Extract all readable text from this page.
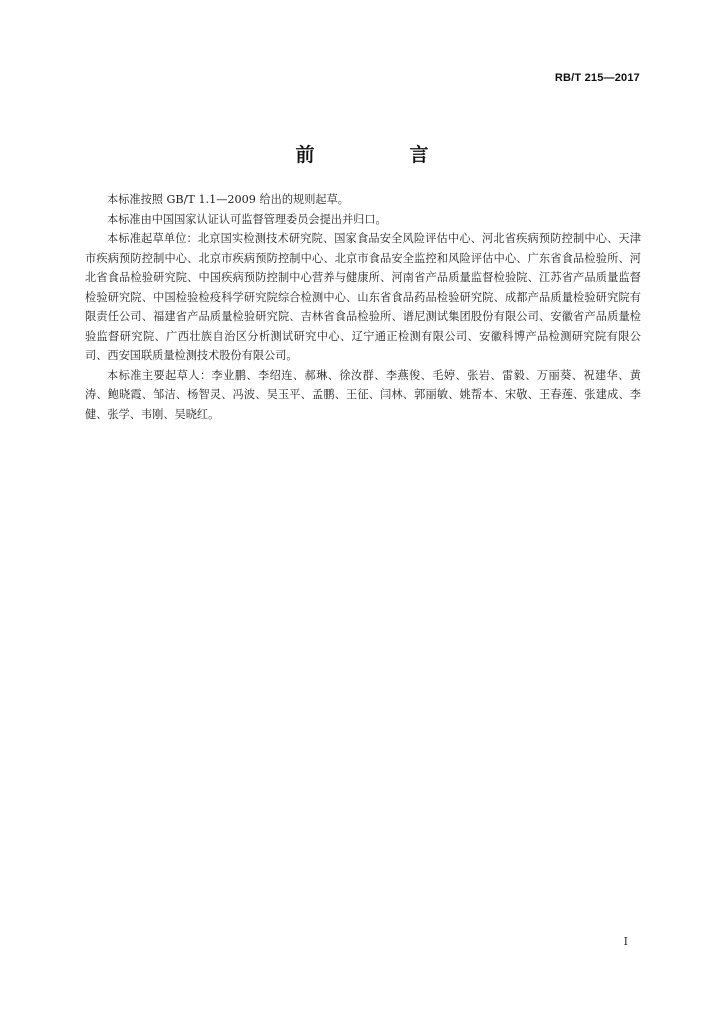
RB/T 215—2017
前　言

本标准按照 GB/T 1.1—2009 给出的规则起草。

本标准由中国国家认证认可监督管理委员会提出并归口。

本标准起草单位：北京国实检测技术研究院、国家食品安全风险评估中心、河北省疾病预防控制中心、天津市疾病预防控制中心、北京市疾病预防控制中心、北京市食品安全监控和风险评估中心、广东省食品检验所、河北省食品检验研究院、中国疾病预防控制中心营养与健康所、河南省产品质量监督检验院、江苏省产品质量监督检验研究院、中国检验检疫科学研究院综合检测中心、山东省食品药品检验研究院、成都产品质量检验研究院有限责任公司、福建省产品质量检验研究院、吉林省食品检验所、谱尼测试集团股份有限公司、安徽省产品质量检验监督研究院、广西壮族自治区分析测试研究中心、辽宁通正检测有限公司、安徽科博产品检测研究院有限公司、西安国联质量检测技术股份有限公司。

本标准主要起草人：李业鹏、李绍连、郝琳、徐汝群、李燕俊、毛婷、张岩、雷毅、万丽葵、祝建华、黄涛、鲍晓霞、邹洁、杨智灵、冯波、吴玉平、孟鹏、王征、闫林、郭丽敏、姚帮本、宋敬、王春莲、张建成、李健、张学、韦刚、吴晓红。

I
